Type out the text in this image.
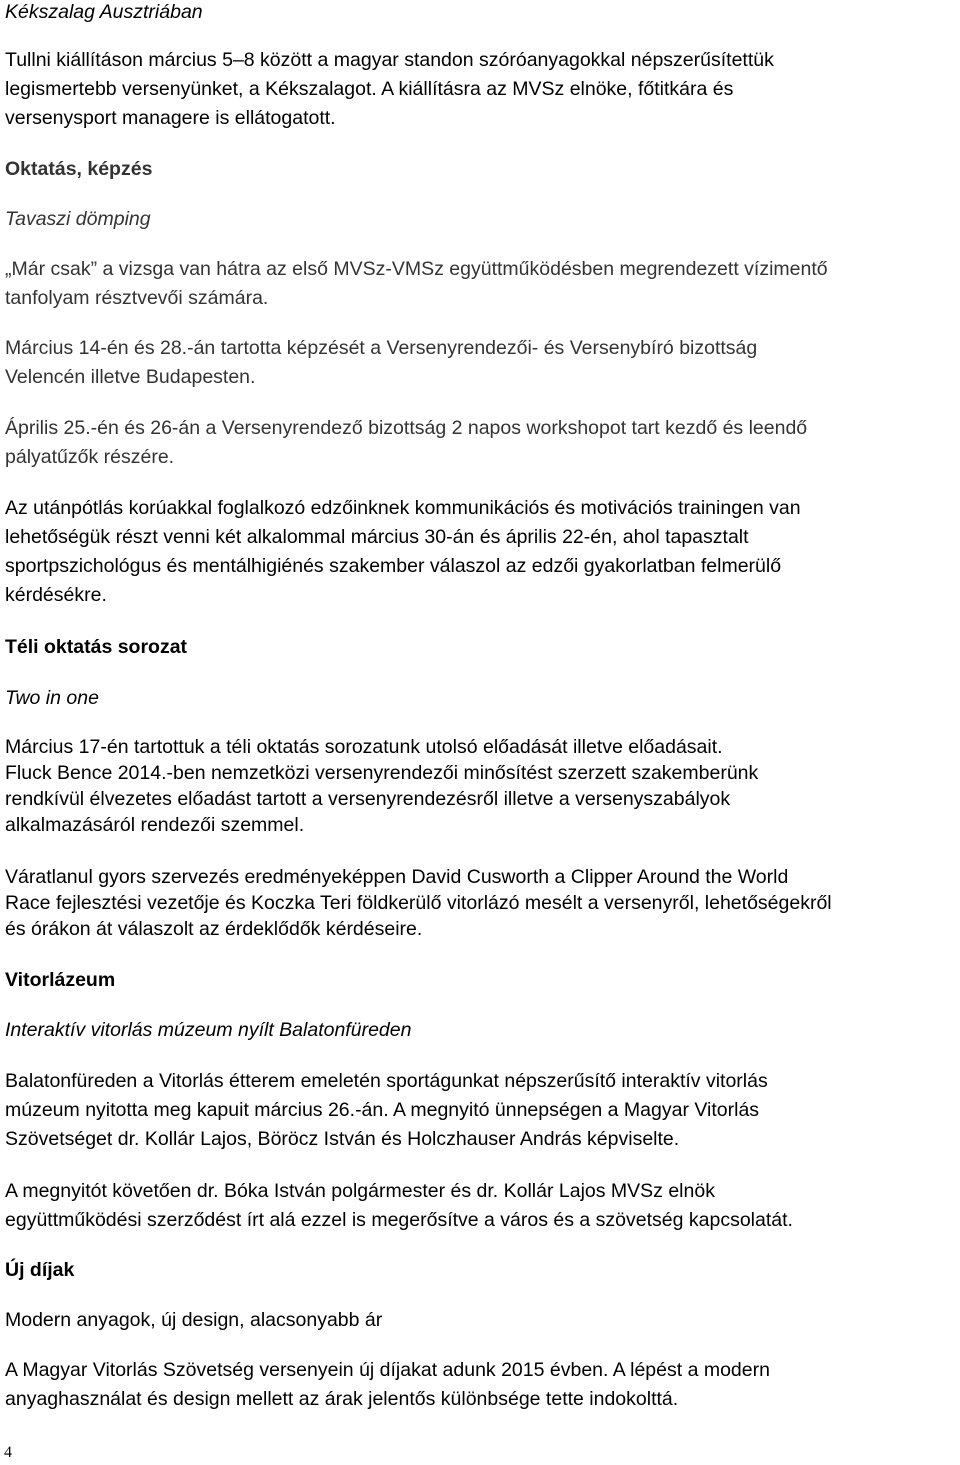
Kékszalag Ausztriában
Tullni kiállításon március 5–8 között a magyar standon szóróanyagokkal népszerűsítettük
legismertebb versenyünket, a Kékszalagot. A kiállításra az MVSz elnöke, főtitkára és
versenysport managere is ellátogatott.
Oktatás, képzés
Tavaszi dömping
„Már csak” a vizsga van hátra az első MVSz-VMSz együttműködésben megrendezett vízimentő
tanfolyam résztvevői számára.
Március 14-én és 28.-án tartotta képzését a Versenyrendezői- és Versenybíró bizottság
Velencén illetve Budapesten.
Április 25.-én és 26-án a Versenyrendező bizottság 2 napos workshopot tart kezdő és leendő
pályatűzők részére.
Az utánpótlás korúakkal foglalkozó edzőinknek kommunikációs és motivációs trainingen van
lehetőségük részt venni két alkalommal március 30-án és április 22-én, ahol tapasztalt
sportpszichológus és mentálhigiénés szakember válaszol az edzői gyakorlatban felmerülő
kérdésékre.
Téli oktatás sorozat
Two in one
Március 17-én tartottuk a téli oktatás sorozatunk utolsó előadását illetve előadásait.
Fluck Bence 2014.-ben nemzetközi versenyrendezői minősítést szerzett szakemberünk
rendkívül élvezetes előadást tartott a versenyrendezésről illetve a versenyszabályok
alkalmazásáról rendezői szemmel.
Váratlanul gyors szervezés eredményeképpen David Cusworth a Clipper Around the World
Race fejlesztési vezetője és Koczka Teri földkerülő vitorlázó mesélt a versenyről, lehetőségekről
és órákon át válaszolt az érdeklődők kérdéseire.
Vitorlázeum
Interaktív vitorlás múzeum nyílt Balatonfüreden
Balatonfüreden a Vitorlás étterem emeletén sportágunkat népszerűsítő interaktív vitorlás
múzeum nyitotta meg kapuit március 26.-án. A megnyitó ünnepségen a Magyar Vitorlás
Szövetséget dr. Kollár Lajos, Böröcz István és Holczhauser András képviselte.
A megnyitót követően dr. Bóka István polgármester és dr. Kollár Lajos MVSz elnök
együttműködési szerződést írt alá ezzel is megerősítve a város és a szövetség kapcsolatát.
Új díjak
Modern anyagok, új design, alacsonyabb ár
A Magyar Vitorlás Szövetség versenyein új díjakat adunk 2015 évben. A lépést a modern
anyaghasználat és design mellett az árak jelentős különbsége tette indokolttá.
4
